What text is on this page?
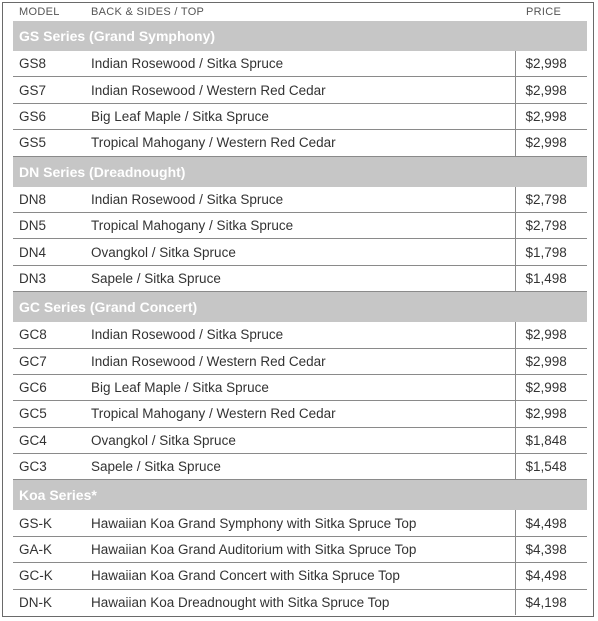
MODEL	BACK & SIDES / TOP	PRICE
GS Series (Grand Symphony)		
GS8	Indian Rosewood / Sitka Spruce	$2,998
GS7	Indian Rosewood / Western Red Cedar	$2,998
GS6	Big Leaf Maple / Sitka Spruce	$2,998
GS5	Tropical Mahogany / Western Red Cedar	$2,998
DN Series (Dreadnought)		
DN8	Indian Rosewood / Sitka Spruce	$2,798
DN5	Tropical Mahogany / Sitka Spruce	$2,798
DN4	Ovangkol / Sitka Spruce	$1,798
DN3	Sapele / Sitka Spruce	$1,498
GC Series (Grand Concert)		
GC8	Indian Rosewood / Sitka Spruce	$2,998
GC7	Indian Rosewood / Western Red Cedar	$2,998
GC6	Big Leaf Maple / Sitka Spruce	$2,998
GC5	Tropical Mahogany / Western Red Cedar	$2,998
GC4	Ovangkol / Sitka Spruce	$1,848
GC3	Sapele / Sitka Spruce	$1,548
Koa Series*		
GS-K	Hawaiian Koa Grand Symphony with Sitka Spruce Top	$4,498
GA-K	Hawaiian Koa Grand Auditorium with Sitka Spruce Top	$4,398
GC-K	Hawaiian Koa Grand Concert with Sitka Spruce Top	$4,498
DN-K	Hawaiian Koa Dreadnought with Sitka Spruce Top	$4,198
